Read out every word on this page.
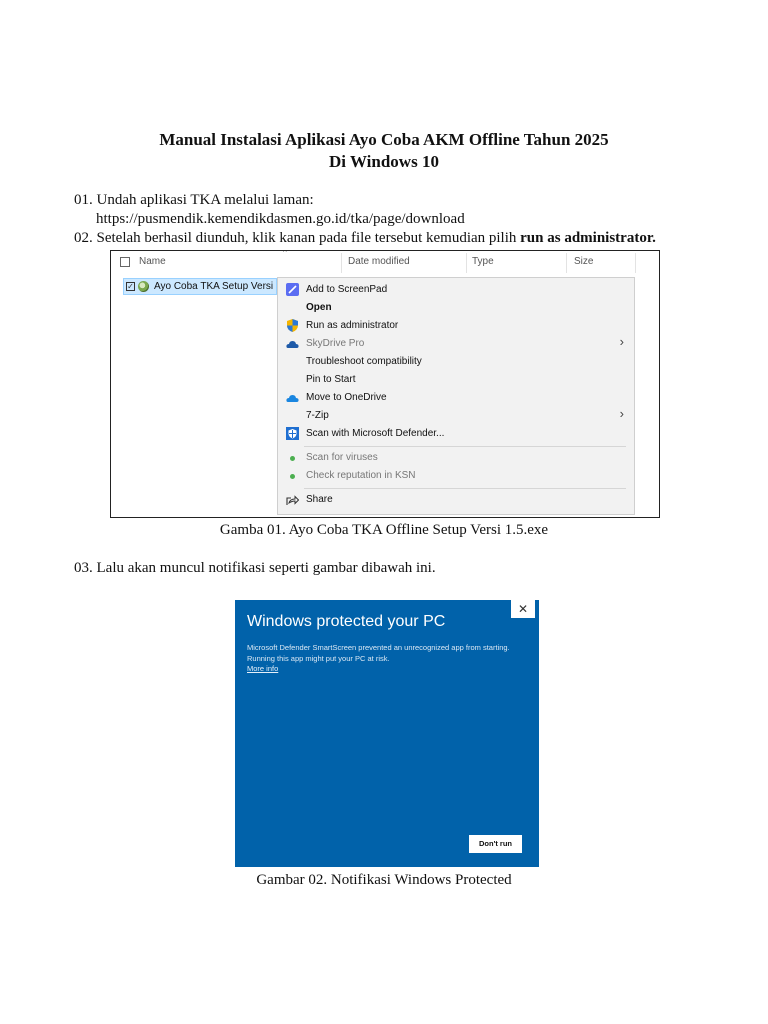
Manual Instalasi Aplikasi Ayo Coba AKM Offline Tahun 2025
Di Windows 10
01. Undah aplikasi TKA melalui laman:
https://pusmendik.kemendikdasmen.go.id/tka/page/download
02. Setelah berhasil diunduh, klik kanan pada file tersebut kemudian pilih run as administrator.
^
Name	Date modified	Type	Size
✓ Ayo Coba TKA Setup Versi	Add to ScreenPad
Open
Run as administrator
SkyDrive Pro	›
Troubleshoot compatibility
Pin to Start
Move to OneDrive
7-Zip	›
Scan with Microsoft Defender...
Scan for viruses
Check reputation in KSN
Share
Gamba 01. Ayo Coba TKA Offline Setup Versi 1.5.exe
03. Lalu akan muncul notifikasi seperti gambar dibawah ini.
✕
Windows protected your PC
Microsoft Defender SmartScreen prevented an unrecognized app from starting. Running this app might put your PC at risk.
More info
Don't run
Gambar 02. Notifikasi Windows Protected
